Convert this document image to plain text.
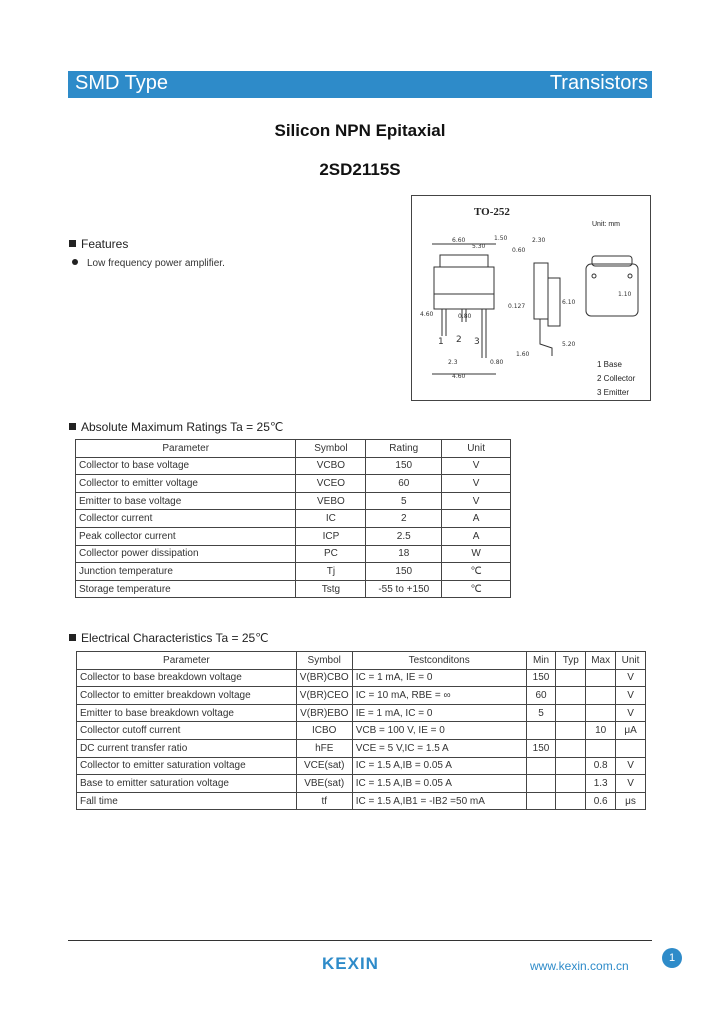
SMD Type	Transistors
Silicon NPN Epitaxial
2SD2115S
Features
Low frequency power amplifier.
TO-252
Unit: mm
6.60
5.30
1.50
0.60
2.30
4.60
0.127
0.80
0.80
2.3
4.60
1.60
6.10
5.20
1.10
1 2 3
1 Base
2 Collector
3 Emitter
Absolute Maximum Ratings Ta = 25℃
Parameter	Symbol	Rating	Unit
Collector to base voltage	VCBO	150	V
Collector to emitter voltage	VCEO	60	V
Emitter to base voltage	VEBO	5	V
Collector current	IC	2	A
Peak collector current	ICP	2.5	A
Collector power dissipation	PC	18	W
Junction temperature	Tj	150	℃
Storage temperature	Tstg	-55 to +150	℃
Electrical Characteristics Ta = 25℃
Parameter	Symbol	Testconditons	Min	Typ	Max	Unit
Collector to base breakdown voltage	V(BR)CBO	IC = 1 mA, IE = 0	150			V
Collector to emitter breakdown voltage	V(BR)CEO	IC = 10 mA, RBE = ∞	60			V
Emitter to base breakdown voltage	V(BR)EBO	IE = 1 mA, IC = 0	5			V
Collector cutoff current	ICBO	VCB = 100 V, IE = 0			10	μA
DC current transfer ratio	hFE	VCE = 5 V,IC = 1.5 A	150			
Collector to emitter saturation voltage	VCE(sat)	IC = 1.5 A,IB = 0.05 A			0.8	V
Base to emitter saturation voltage	VBE(sat)	IC = 1.5 A,IB = 0.05 A			1.3	V
Fall time	tf	IC = 1.5 A,IB1 = -IB2 =50 mA			0.6	μs
KEXIN	www.kexin.com.cn
1
